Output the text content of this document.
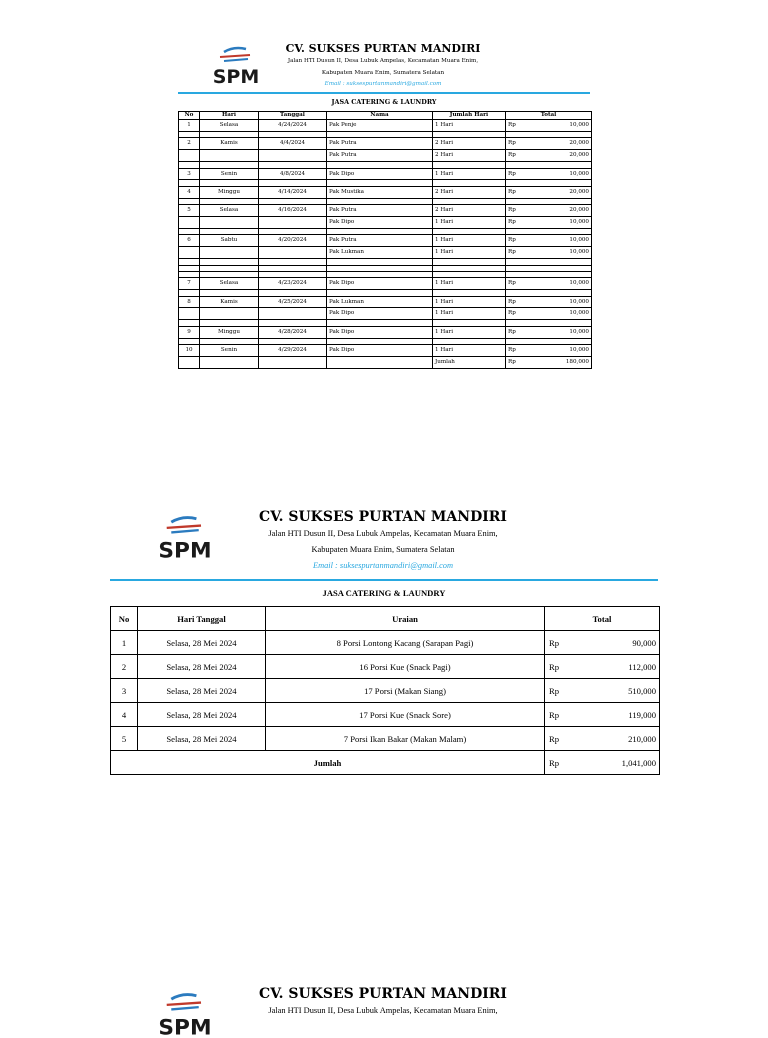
SPM
CV. SUKSES PURTAN MANDIRI
Jalan HTI Dusun II, Desa Lubuk Ampelas, Kecamatan Muara Enim,
Kabupaten Muara Enim, Sumatera Selatan
Email : suksespurtanmandiri@gmail.com
JASA CATERING & LAUNDRY
No	Hari	Tanggal	Nama	Jumlah Hari	Total	
1	Selasa	4/24/2024	Pak Penje	1 Hari	Rp	10,000

2	Kamis	4/4/2024	Pak Putra	2 Hari	Rp	20,000
			Pak Putra	2 Hari	Rp	20,000

3	Senin	4/8/2024	Pak Dipo	1 Hari	Rp	10,000

4	Minggu	4/14/2024	Pak Mustika	2 Hari	Rp	20,000

5	Selasa	4/16/2024	Pak Putra	2 Hari	Rp	20,000
			Pak Dipo	1 Hari	Rp	10,000

6	Sabtu	4/20/2024	Pak Putra	1 Hari	Rp	10,000
			Pak Lukman	1 Hari	Rp	10,000

7	Selasa	4/23/2024	Pak Dipo	1 Hari	Rp	10,000

8	Kamis	4/25/2024	Pak Lukman	1 Hari	Rp	10,000
			Pak Dipo	1 Hari	Rp	10,000

9	Minggu	4/28/2024	Pak Dipo	1 Hari	Rp	10,000

10	Senin	4/29/2024	Pak Dipo	1 Hari	Rp	10,000
				Jumlah	Rp	180,000
SPM
CV. SUKSES PURTAN MANDIRI
Jalan HTI Dusun II, Desa Lubuk Ampelas, Kecamatan Muara Enim,
Kabupaten Muara Enim, Sumatera Selatan
Email : suksespurtanmandiri@gmail.com
JASA CATERING & LAUNDRY
No	Hari Tanggal	Uraian	Total	
1	Selasa, 28 Mei 2024	8 Porsi Lontong Kacang (Sarapan Pagi)	Rp	90,000
2	Selasa, 28 Mei 2024	16 Porsi Kue (Snack Pagi)	Rp	112,000
3	Selasa, 28 Mei 2024	17 Porsi (Makan Siang)	Rp	510,000
4	Selasa, 28 Mei 2024	17 Porsi Kue (Snack Sore)	Rp	119,000
5	Selasa, 28 Mei 2024	7 Porsi Ikan Bakar (Makan Malam)	Rp	210,000
Jumlah			Rp	1,041,000
SPM
CV. SUKSES PURTAN MANDIRI
Jalan HTI Dusun II, Desa Lubuk Ampelas, Kecamatan Muara Enim,
